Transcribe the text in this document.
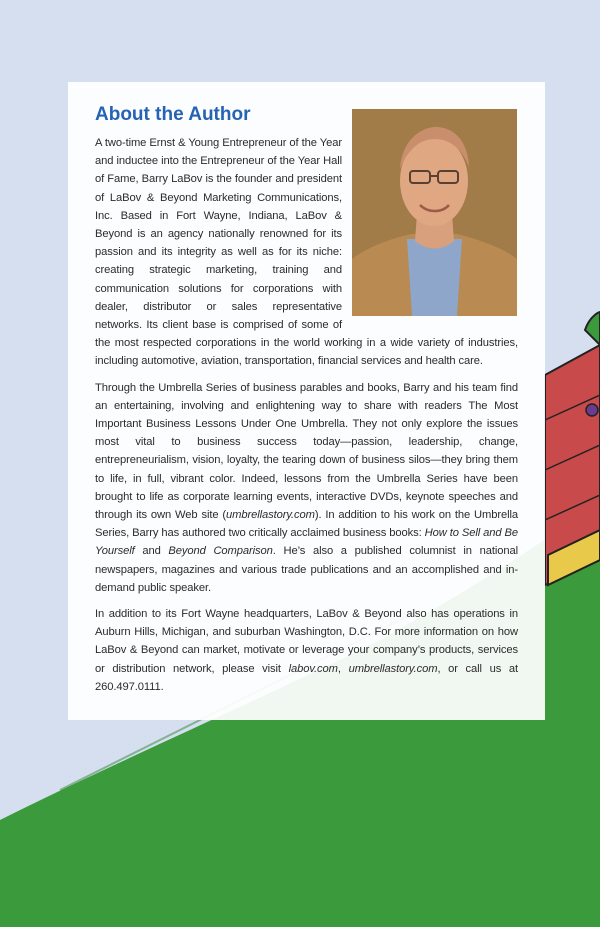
About the Author

A two-time Ernst & Young Entrepreneur of the Year and inductee into the Entrepreneur of the Year Hall of Fame, Barry LaBov is the founder and president of LaBov & Beyond Marketing Communications, Inc. Based in Fort Wayne, Indiana, LaBov & Beyond is an agency nationally renowned for its passion and its integrity as well as for its niche: creating strategic marketing, training and communication solutions for corporations with dealer, distributor or sales representative networks. Its client base is comprised of some of the most respected corporations in the world working in a wide variety of industries, including automotive, aviation, transportation, financial services and health care.

Through the Umbrella Series of business parables and books, Barry and his team find an entertaining, involving and enlightening way to share with readers The Most Important Business Lessons Under One Umbrella. They not only explore the issues most vital to business success today—passion, leadership, change, entrepreneurialism, vision, loyalty, the tearing down of business silos—they bring them to life, in full, vibrant color. Indeed, lessons from the Umbrella Series have been brought to life as corporate learning events, interactive DVDs, keynote speeches and through its own Web site (umbrellastory.com). In addition to his work on the Umbrella Series, Barry has authored two critically acclaimed business books: How to Sell and Be Yourself and Beyond Comparison. He’s also a published columnist in national newspapers, magazines and various trade publications and an accomplished and in-demand public speaker.

In addition to its Fort Wayne headquarters, LaBov & Beyond also has operations in Auburn Hills, Michigan, and suburban Washington, D.C. For more information on how LaBov & Beyond can market, motivate or leverage your company’s products, services or distribution network, please visit labov.com, umbrellastory.com, or call us at 260.497.0111.
